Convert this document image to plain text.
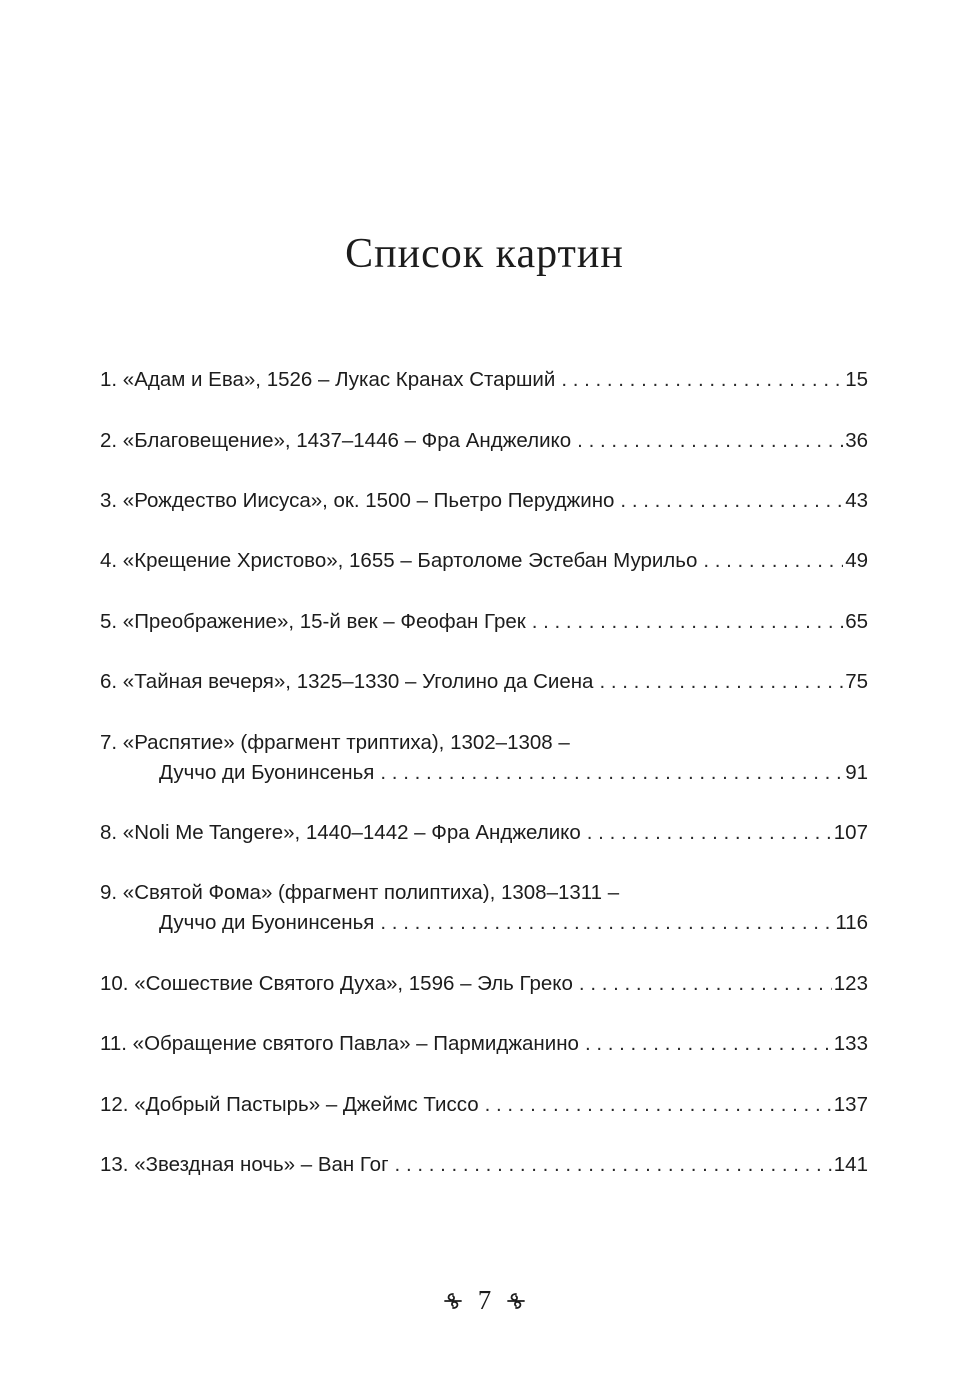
Список картин
1. «Адам и Ева», 1526 – Лукас Кранах Старший . . .	15
2. «Благовещение», 1437–1446 – Фра Анджелико . . .	36
3. «Рождество Иисуса», ок. 1500 – Пьетро Перуджино . . .	43
4. «Крещение Христово», 1655 – Бартоломе Эстебан Мурильо . . .	49
5. «Преображение», 15-й век – Феофан Грек . . .	65
6. «Тайная вечеря», 1325–1330 – Уголино да Сиена . . .	75
7. «Распятие» (фрагмент триптиха), 1302–1308 –
Дуччо ди Буонинсенья . . .	91
8. «Noli Me Tangere», 1440–1442 – Фра Анджелико . . .	107
9. «Святой Фома» (фрагмент полиптиха), 1308–1311 –
Дуччо ди Буонинсенья . . .	116
10. «Сошествие Святого Духа», 1596 – Эль Греко . . .	123
11. «Обращение святого Павла» – Пармиджанино . . .	133
12. «Добрый Пастырь» – Джеймс Тиссо . . .	137
13. «Звездная ночь» – Ван Гог . . .	141
7
